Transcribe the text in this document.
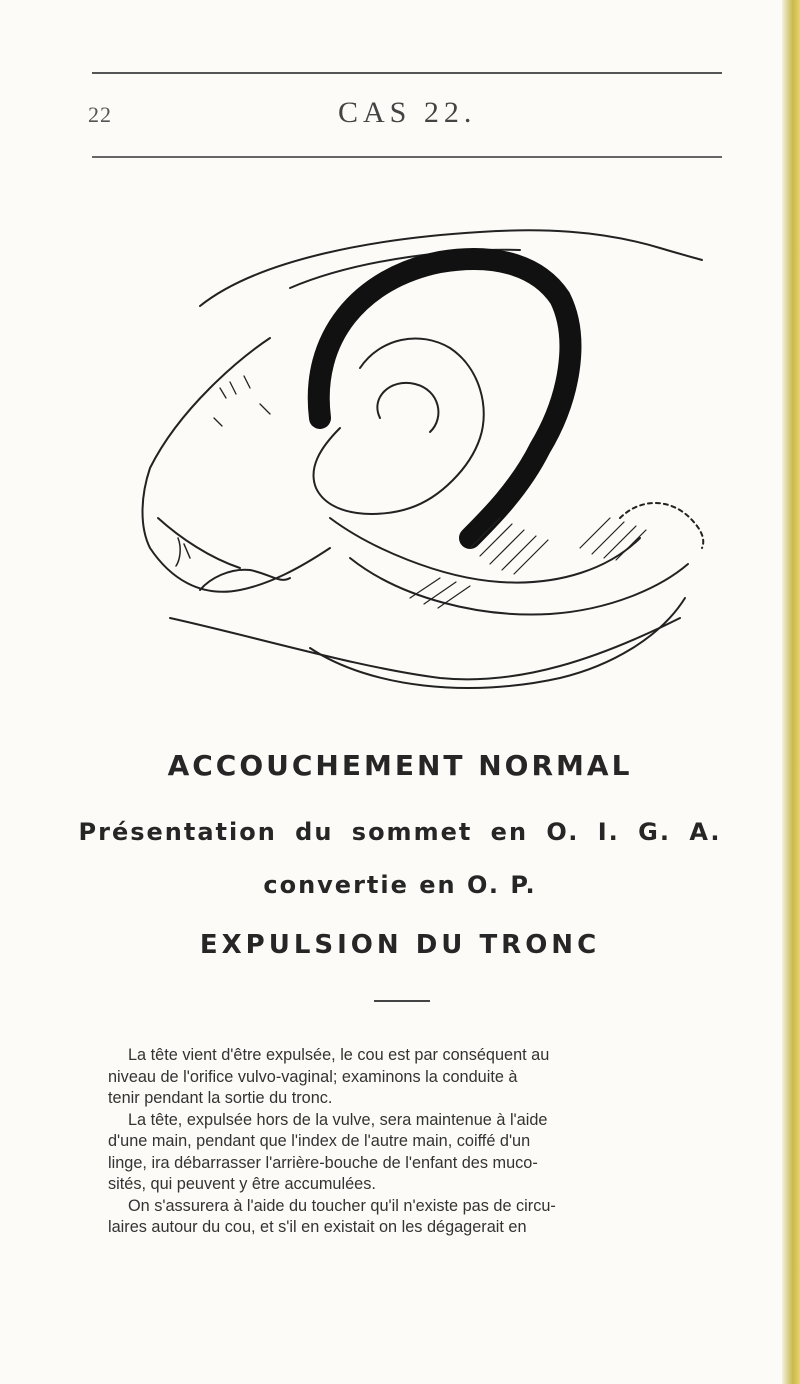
22	CAS 22.
ACCOUCHEMENT NORMAL
Présentation du sommet en O. I. G. A.
convertie en O. P.
EXPULSION DU TRONC

La tête vient d'être expulsée, le cou est par conséquent au
niveau de l'orifice vulvo-vaginal; examinons la conduite à
tenir pendant la sortie du tronc.

La tête, expulsée hors de la vulve, sera maintenue à l'aide
d'une main, pendant que l'index de l'autre main, coiffé d'un
linge, ira débarrasser l'arrière-bouche de l'enfant des muco-
sités, qui peuvent y être accumulées.

On s'assurera à l'aide du toucher qu'il n'existe pas de circu-
laires autour du cou, et s'il en existait on les dégagerait en
